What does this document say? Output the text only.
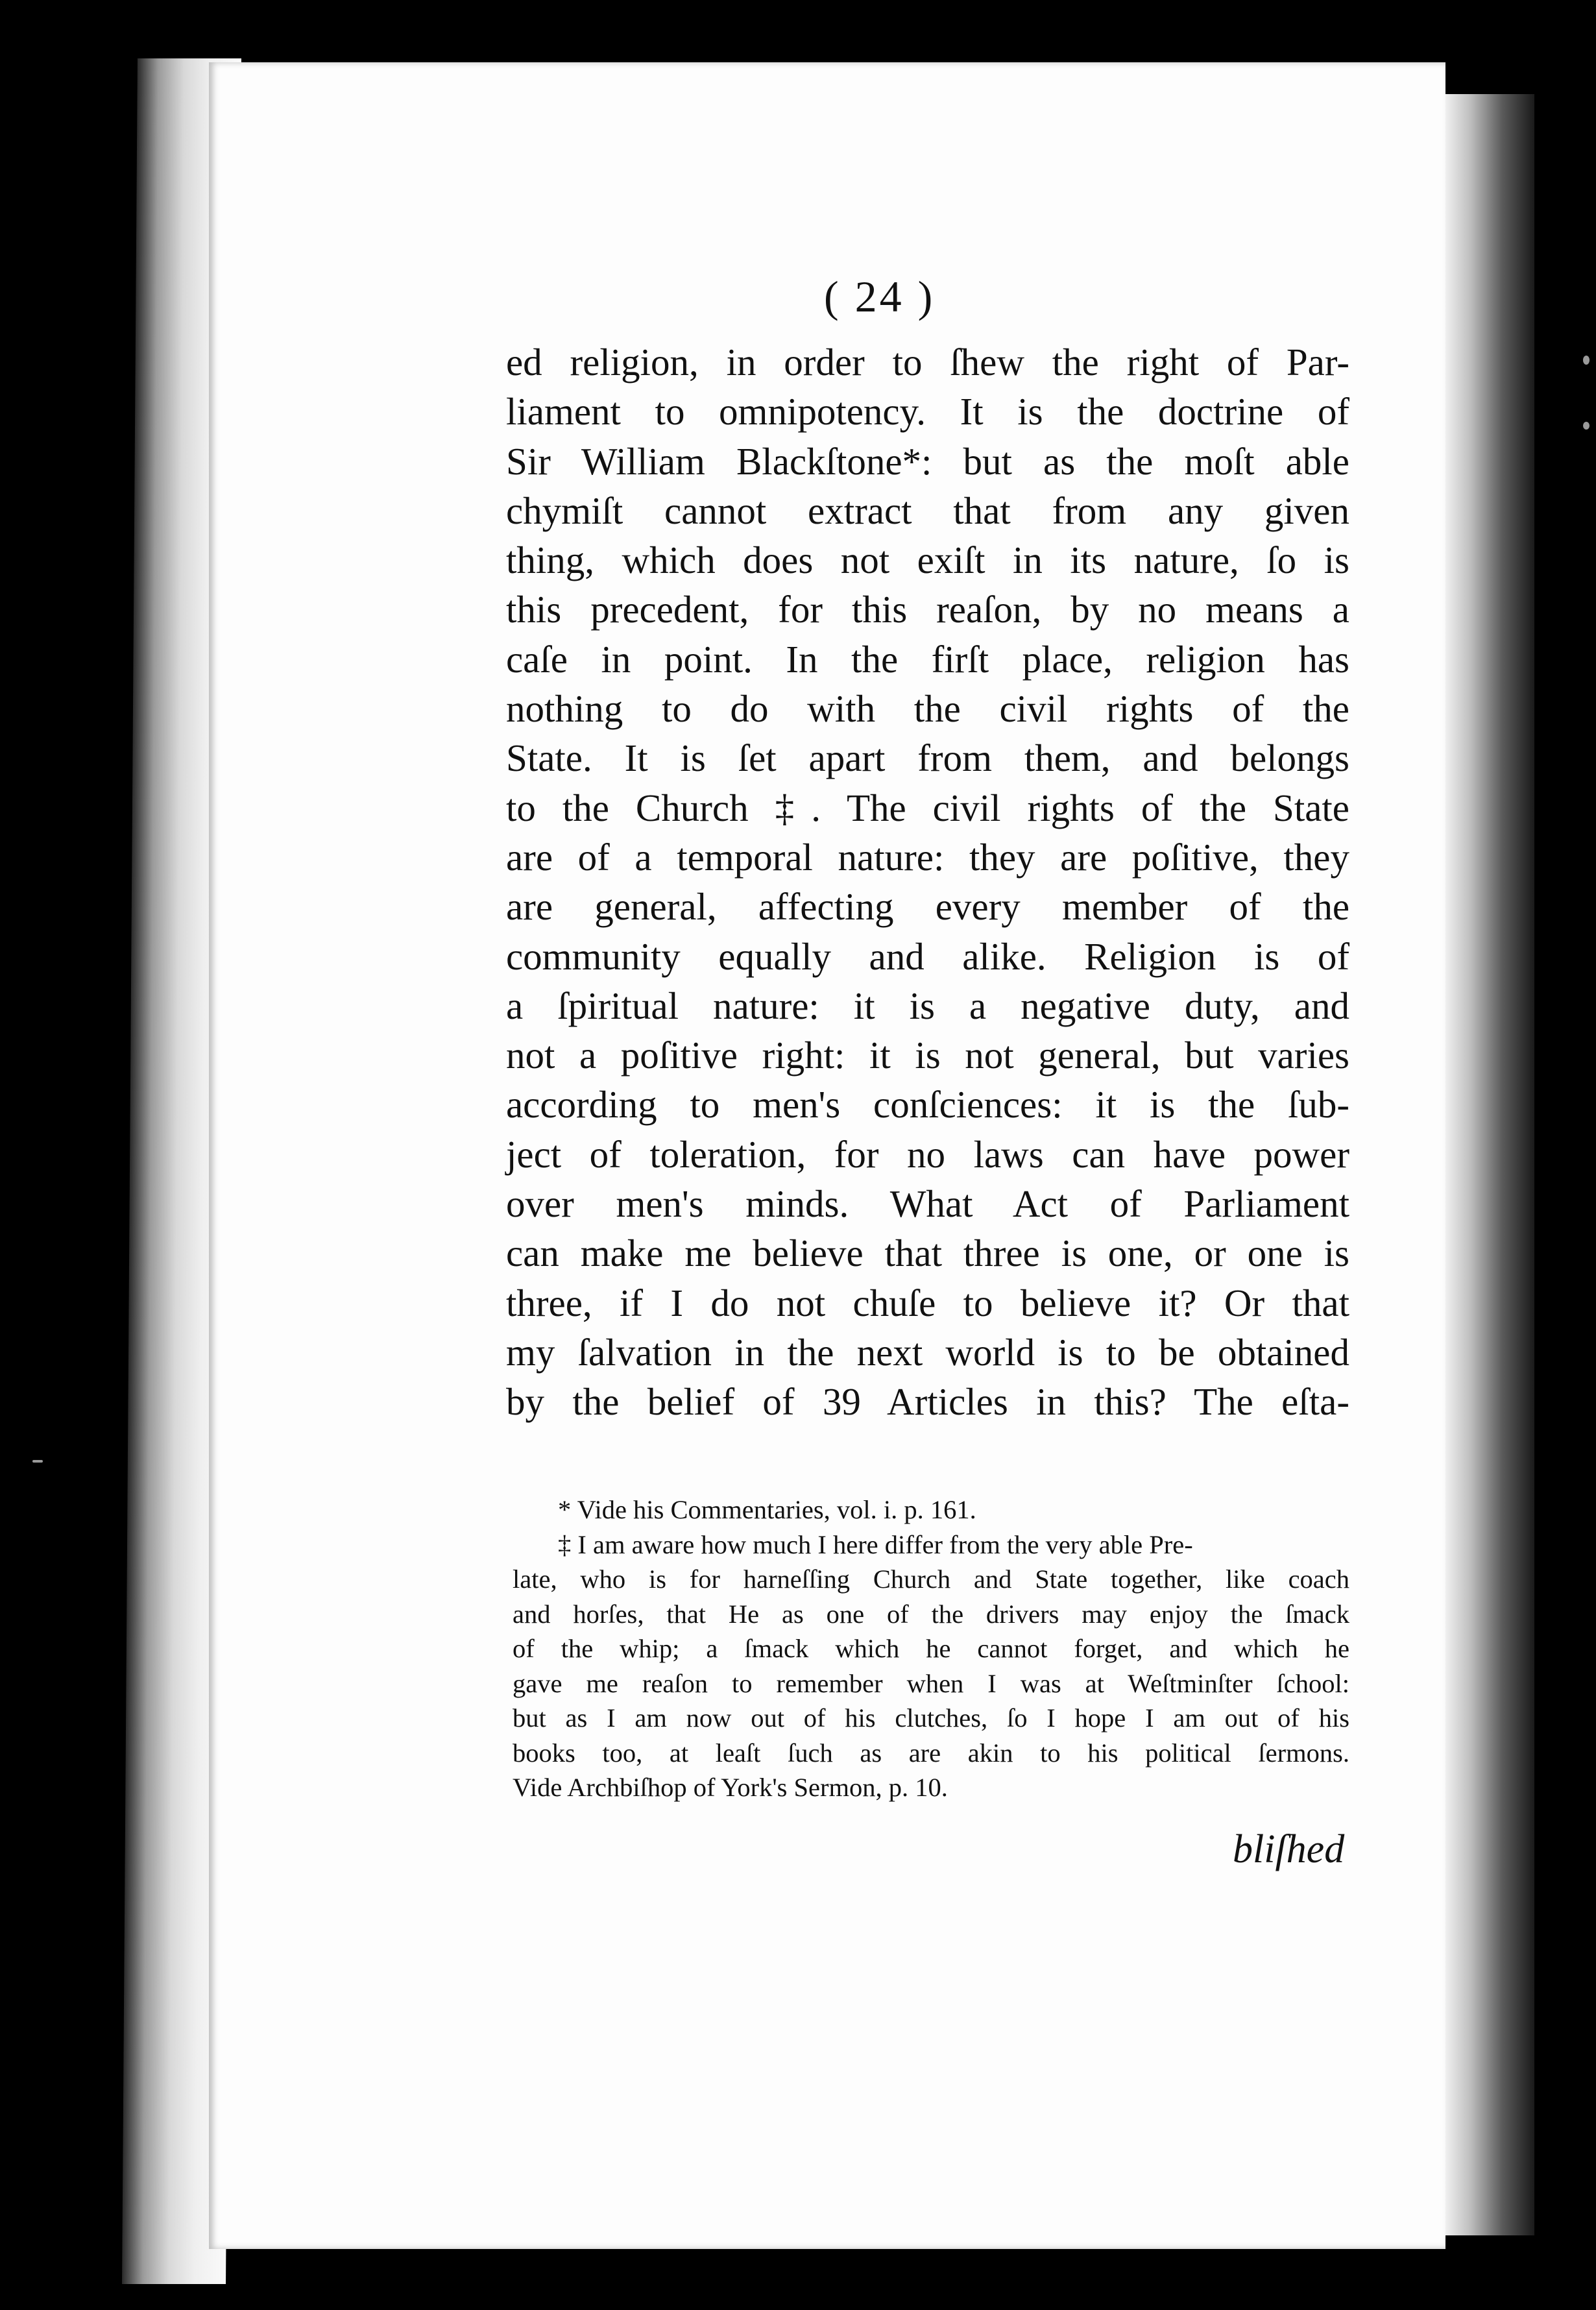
( 24 )
ed religion, in order to ſhew the right of Par-
liament to omnipotency. It is the doctrine of
Sir William Blackſtone*: but as the moſt able
chymiſt cannot extract that from any given
thing, which does not exiſt in its nature, ſo is
this precedent, for this reaſon, by no means a
caſe in point. In the firſt place, religion has
nothing to do with the civil rights of the
State. It is ſet apart from them, and belongs
to the Church ‡. The civil rights of the State
are of a temporal nature: they are poſitive, they
are general, affecting every member of the
community equally and alike. Religion is of
a ſpiritual nature: it is a negative duty, and
not a poſitive right: it is not general, but varies
according to men's conſciences: it is the ſub-
ject of toleration, for no laws can have power
over men's minds. What Act of Parliament
can make me believe that three is one, or one is
three, if I do not chuſe to believe it? Or that
my ſalvation in the next world is to be obtained
by the belief of 39 Articles in this? The eſta-
* Vide his Commentaries, vol. i. p. 161.
‡ I am aware how much I here differ from the very able Pre-
late, who is for harneſſing Church and State together, like coach
and horſes, that He as one of the drivers may enjoy the ſmack
of the whip; a ſmack which he cannot forget, and which he
gave me reaſon to remember when I was at Weſtminſter ſchool:
but as I am now out of his clutches, ſo I hope I am out of his
books too, at leaſt ſuch as are akin to his political ſermons.
Vide Archbiſhop of York's Sermon, p. 10.
bliſhed
